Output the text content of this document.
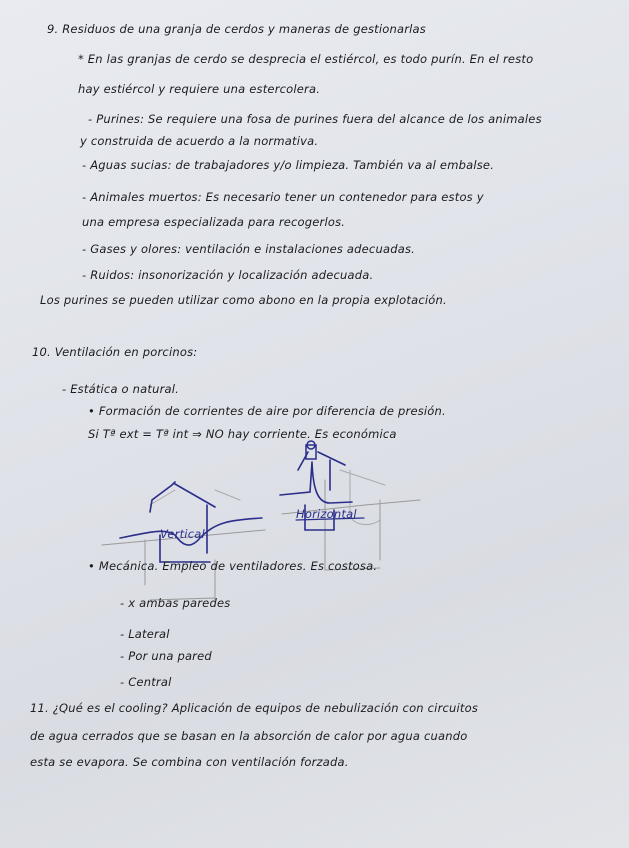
9. Residuos de una granja de cerdos y maneras de gestionarlas
* En las granjas de cerdo se desprecia el estiércol, es todo purín. En el resto
hay estiércol y requiere una estercolera.
- Purines: Se requiere una fosa de purines fuera del alcance de los animales
y construida de acuerdo a la normativa.
- Aguas sucias: de trabajadores y/o limpieza. También va al embalse.
- Animales muertos: Es necesario tener un contenedor para estos y
una empresa especializada para recogerlos.
- Gases y olores: ventilación e instalaciones adecuadas.
- Ruidos: insonorización y localización adecuada.
Los purines se pueden utilizar como abono en la propia explotación.
10. Ventilación en porcinos:
- Estática o natural.
• Formación de corrientes de aire por diferencia de presión.
Si Tª ext = Tª int ⇒ NO hay corriente. Es económica
Vertical
Horizontal
• Mecánica. Empleo de ventiladores. Es costosa.
- x ambas paredes
- Lateral
- Por una pared
- Central
11. ¿Qué es el cooling? Aplicación de equipos de nebulización con circuitos
de agua cerrados que se basan en la absorción de calor por agua cuando
esta se evapora. Se combina con ventilación forzada.
